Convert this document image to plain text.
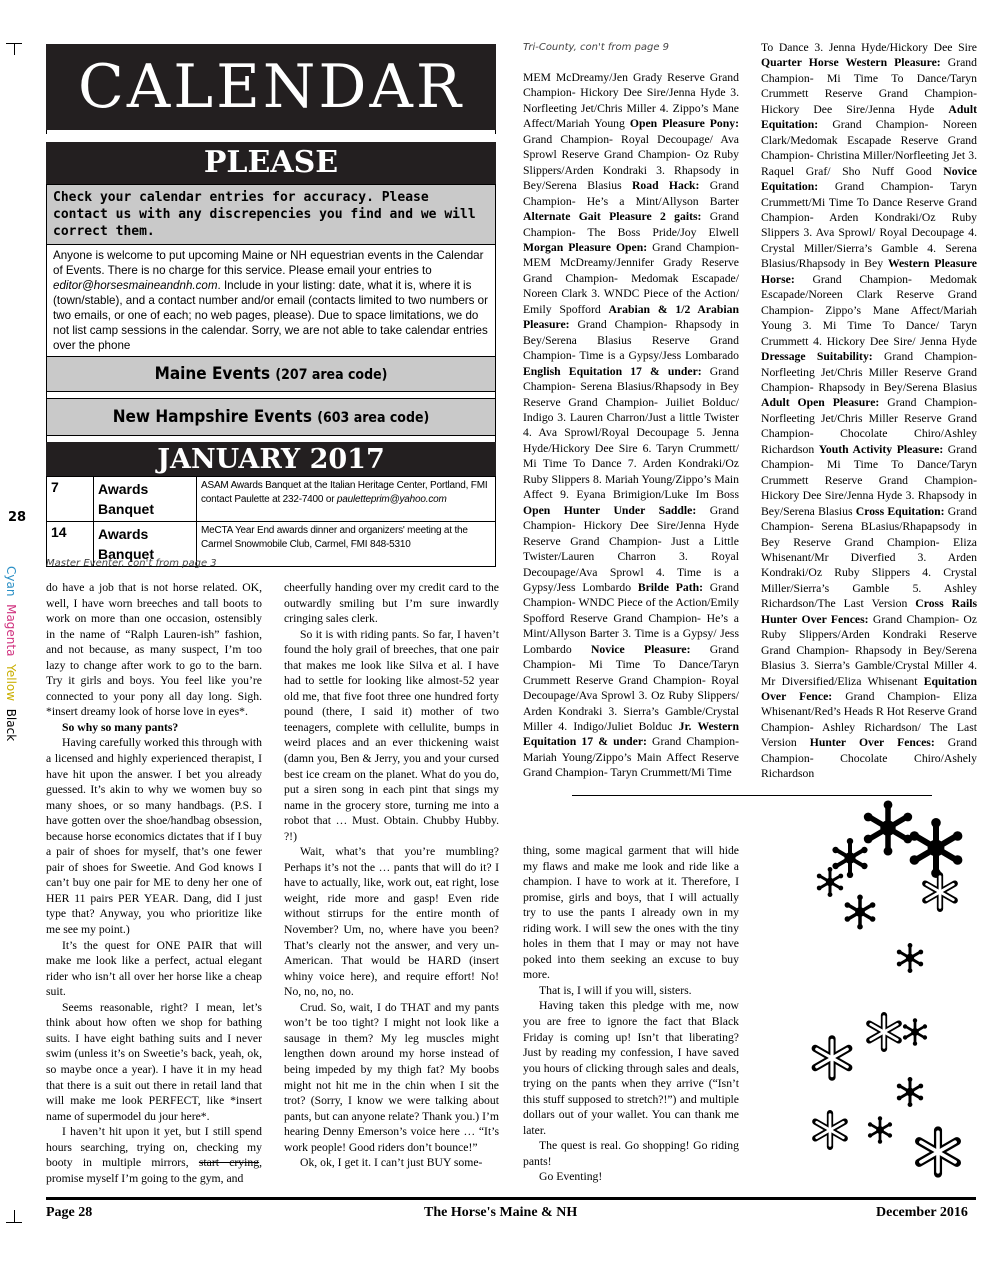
28
Cyan  Magenta  Yellow  Black
CALENDAR
PLEASE
Check your calendar entries for accuracy. Please contact us with any discrepencies you find and we will correct them.
Anyone is welcome to put upcoming Maine or NH equestrian events in the Calendar of Events. There is no charge for this service. Please email your entries to editor@horsesmaineandnh.com. Include in your listing: date, what it is, where it is (town/stable), and a contact number and/or email (contacts limited to two numbers or two emails, or one of each; no web pages, please). Due to space limitations, we do not list camp sessions in the calendar. Sorry, we are not able to take calendar entries over the phone
Maine Events (207 area code)
New Hampshire Events (603 area code)
JANUARY 2017
7	Awards Banquet	ASAM Awards Banquet at the Italian Heritage Center, Portland, FMI contact Paulette at 232-7400 or pauletteprim@yahoo.com
14	Awards Banquet	MeCTA Year End awards dinner and organizers' meeting at the Carmel Snowmobile Club, Carmel, FMI 848-5310
Master Eventer, con't from page 3
Tri-County, con't from page 9

do have a job that is not horse related. OK, well, I have worn breeches and tall boots to work on more than one occasion, ostensibly in the name of “Ralph Lauren-ish” fashion, and not because, as many suspect, I’m too lazy to change after work to go to the barn. Try it girls and boys. You feel like you’re connected to your pony all day long. Sigh. *insert dreamy look of horse love in eyes*.

So why so many pants?

Having carefully worked this through with a licensed and highly experienced therapist, I have hit upon the answer. I bet you already guessed. It’s akin to why we women buy so many shoes, or so many handbags. (P.S. I have gotten over the shoe/handbag obsession, because horse economics dictates that if I buy a pair of shoes for myself, that’s one fewer pair of shoes for Sweetie. And God knows I can’t buy one pair for ME to deny her one of HER 11 pairs PER YEAR. Dang, did I just type that? Anyway, you who prioritize like me see my point.)

It’s the quest for ONE PAIR that will make me look like a perfect, actual elegant rider who isn’t all over her horse like a cheap suit.

Seems reasonable, right? I mean, let’s think about how often we shop for bathing suits. I have eight bathing suits and I never swim (unless it’s on Sweetie’s back, yeah, ok, so maybe once a year). I have it in my head that there is a suit out there in retail land that will make me look PERFECT, like *insert name of supermodel du jour here*.

I haven’t hit upon it yet, but I still spend hours searching, trying on, checking my booty in multiple mirrors, start crying, promise myself I’m going to the gym, and

cheerfully handing over my credit card to the outwardly smiling but I’m sure inwardly cringing sales clerk.

So it is with riding pants. So far, I haven’t found the holy grail of breeches, that one pair that makes me look like Silva et al. I have had to settle for looking like almost-52 year old me, that five foot three one hundred forty pound (there, I said it) mother of two teenagers, complete with cellulite, bumps in weird places and an ever thickening waist (damn you, Ben & Jerry, you and your cursed best ice cream on the planet. What do you do, put a siren song in each pint that sings my name in the grocery store, turning me into a robot that … Must. Obtain. Chubby Hubby. ?!)

Wait, what’s that you’re mumbling? Perhaps it’s not the … pants that will do it? I have to actually, like, work out, eat right, lose weight, ride more and gasp! Even ride without stirrups for the entire month of November? Um, no, where have you been? That’s clearly not the answer, and very un-American. That would be HARD (insert whiny voice here), and require effort! No! No, no, no, no.

Crud. So, wait, I do THAT and my pants won’t be too tight? I might not look like a sausage in them? My leg muscles might lengthen down around my horse instead of being impeded by my thigh fat? My boobs might not hit me in the chin when I sit the trot? (Sorry, I know we were talking about pants, but can anyone relate? Thank you.) I’m hearing Denny Emerson’s voice here … “It’s work people! Good riders don’t bounce!”

Ok, ok, I get it. I can’t just BUY some-

thing, some magical garment that will hide my flaws and make me look and ride like a champion. I have to work at it. Therefore, I promise, girls and boys, that I will actually try to use the pants I already own in my riding work. I will sew the ones with the tiny holes in them that I may or may not have poked into them seeking an excuse to buy more.

That is, I will if you will, sisters.

Having taken this pledge with me, now you are free to ignore the fact that Black Friday is coming up! Isn’t that liberating? Just by reading my confession, I have saved you hours of clicking through sales and deals, trying on the pants when they arrive (“Isn’t this stuff supposed to stretch?!”) and multiple dollars out of your wallet. You can thank me later.

The quest is real. Go shopping! Go riding pants!

Go Eventing!

MEM McDreamy/Jen Grady Reserve Grand Champion- Hickory Dee Sire/Jenna Hyde 3. Norfleeting Jet/Chris Miller 4. Zippo’s Mane Affect/Mariah Young Open Pleasure Pony: Grand Champion- Royal Decoupage/ Ava Sprowl Reserve Grand Champion- Oz Ruby Slippers/Arden Kondraki 3. Rhapsody in Bey/Serena Blasius Road Hack: Grand Champion- He’s a Mint/Allyson Barter Alternate Gait Pleasure 2 gaits: Grand Champion- The Boss Pride/Joy Elwell Morgan Pleasure Open: Grand Champion- MEM McDreamy/Jennifer Grady Reserve Grand Champion- Medomak Escapade/ Noreen Clark 3. WNDC Piece of the Action/ Emily Spofford Arabian & 1/2 Arabian Pleasure: Grand Champion- Rhapsody in Bey/Serena Blasius Reserve Grand Champion- Time is a Gypsy/Jess Lombarado English Equitation 17 & under: Grand Champion- Serena Blasius/Rhapsody in Bey Reserve Grand Champion- Juiliet Bolduc/ Indigo 3. Lauren Charron/Just a little Twister 4. Ava Sprowl/Royal Decoupage 5. Jenna Hyde/Hickory Dee Sire 6. Taryn Crummett/ Mi Time To Dance 7. Arden Kondraki/Oz Ruby Slippers 8. Mariah Young/Zippo’s Main Affect 9. Eyana Brimigion/Luke Im Boss Open Hunter Under Saddle: Grand Champion- Hickory Dee Sire/Jenna Hyde Reserve Grand Champion- Just a Little Twister/Lauren Charron 3. Royal Decoupage/Ava Sprowl 4. Time is a Gypsy/Jess Lombardo Brilde Path: Grand Champion- WNDC Piece of the Action/Emily Spofford Reserve Grand Champion- He’s a Mint/Allyson Barter 3. Time is a Gypsy/ Jess Lombardo Novice Pleasure: Grand Champion- Mi Time To Dance/Taryn Crummett Reserve Grand Champion- Royal Decoupage/Ava Sprowl 3. Oz Ruby Slippers/ Arden Kondraki 3. Sierra’s Gamble/Crystal Miller 4. Indigo/Juliet Bolduc Jr. Western Equitation 17 & under: Grand Champion- Mariah Young/Zippo’s Main Affect Reserve Grand Champion- Taryn Crummett/Mi Time

To Dance 3. Jenna Hyde/Hickory Dee Sire Quarter Horse Western Pleasure: Grand Champion- Mi Time To Dance/Taryn Crummett Reserve Grand Champion- Hickory Dee Sire/Jenna Hyde Adult Equitation: Grand Champion- Noreen Clark/Medomak Escapade Reserve Grand Champion- Christina Miller/Norfleeting Jet 3. Raquel Graf/ Sho Nuff Good Novice Equitation: Grand Champion- Taryn Crummett/Mi Time To Dance Reserve Grand Champion- Arden Kondraki/Oz Ruby Slippers 3. Ava Sprowl/ Royal Decoupage 4. Crystal Miller/Sierra’s Gamble 4. Serena Blasius/Rhapsody in Bey Western Pleasure Horse: Grand Champion- Medomak Escapade/Noreen Clark Reserve Grand Champion- Zippo’s Mane Affect/Mariah Young 3. Mi Time To Dance/ Taryn Crummett 4. Hickory Dee Sire/ Jenna Hyde Dressage Suitability: Grand Champion- Norfleeting Jet/Chris Miller Reserve Grand Champion- Rhapsody in Bey/Serena Blasius Adult Open Pleasure: Grand Champion- Norfleeting Jet/Chris Miller Reserve Grand Champion- Chocolate Chiro/Ashley Richardson Youth Activity Pleasure: Grand Champion- Mi Time To Dance/Taryn Crummett Reserve Grand Champion- Hickory Dee Sire/Jenna Hyde 3. Rhapsody in Bey/Serena Blasius Cross Equitation: Grand Champion- Serena BLasius/Rhapapsody in Bey Reserve Grand Champion- Eliza Whisenant/Mr Diverfied 3. Arden Kondraki/Oz Ruby Slippers 4. Crystal Miller/Sierra’s Gamble 5. Ashley Richardson/The Last Version Cross Rails Hunter Over Fences: Grand Champion- Oz Ruby Slippers/Arden Kondraki Reserve Grand Champion- Rhapsody in Bey/Serena Blasius 3. Sierra’s Gamble/Crystal Miller 4. Mr Diversified/Eliza Whisenant Equitation Over Fence: Grand Champion- Eliza Whisenant/Red’s Heads R Hot Reserve Grand Champion- Ashley Richardson/ The Last Version Hunter Over Fences: Grand Champion- Chocolate Chiro/Ashely Richardson

Page 28	The Horse's Maine & NH	December 2016
